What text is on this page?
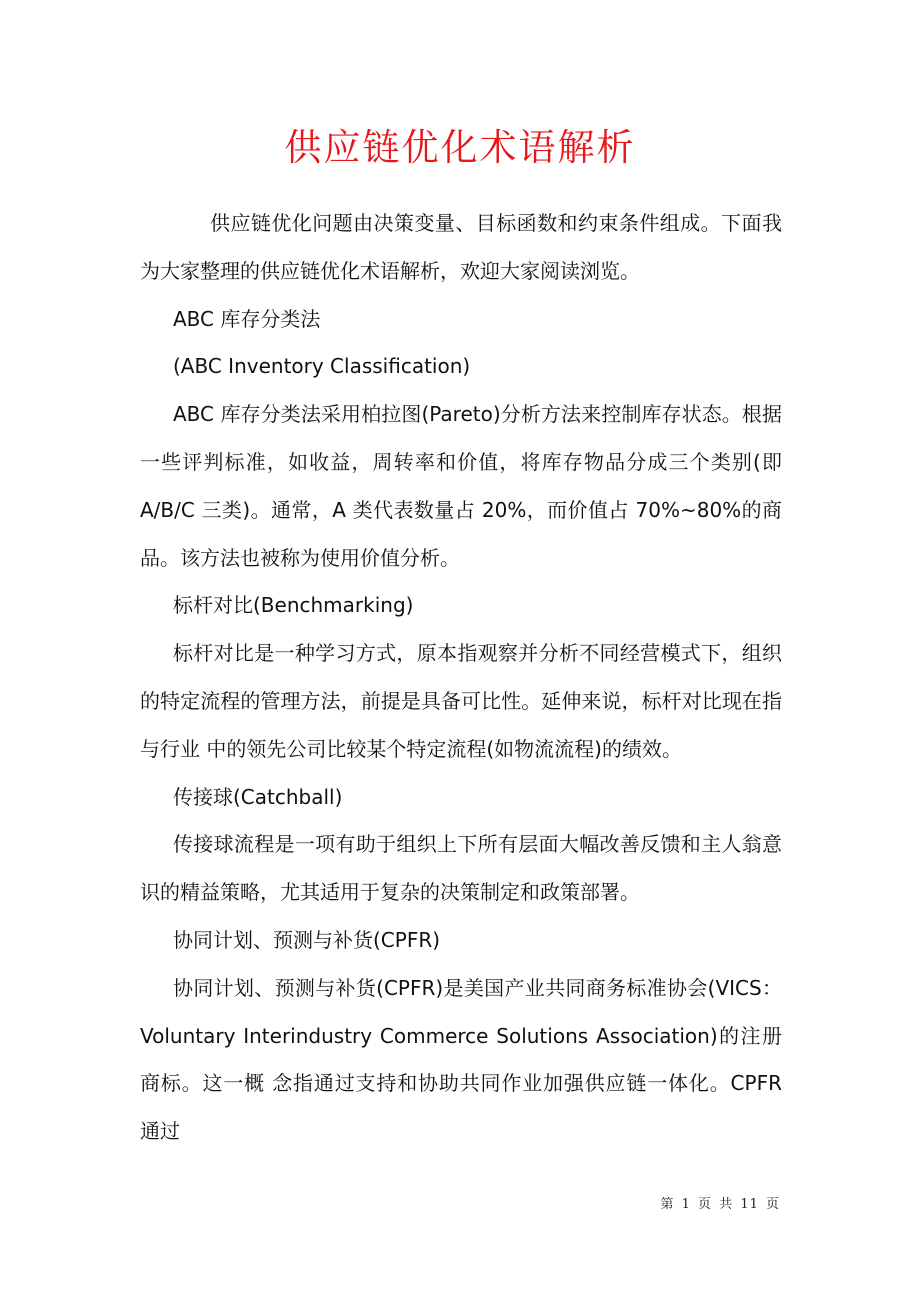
供应链优化术语解析

供应链优化问题由决策变量、目标函数和约束条件组成。下面我为大家整理的供应链优化术语解析，欢迎大家阅读浏览。

ABC 库存分类法

(ABC Inventory Classification)

ABC 库存分类法采用柏拉图(Pareto)分析方法来控制库存状态。根据一些评判标准，如收益，周转率和价值，将库存物品分成三个类别(即 A/B/C 三类)。通常，A 类代表数量占 20%，而价值占 70%~80%的商品。该方法也被称为使用价值分析。

标杆对比(Benchmarking)

标杆对比是一种学习方式，原本指观察并分析不同经营模式下，组织的特定流程的管理方法，前提是具备可比性。延伸来说，标杆对比现在指与行业 中的领先公司比较某个特定流程(如物流流程)的绩效。

传接球(Catchball)

传接球流程是一项有助于组织上下所有层面大幅改善反馈和主人翁意识的精益策略，尤其适用于复杂的决策制定和政策部署。

协同计划、预测与补货(CPFR)

协同计划、预测与补货(CPFR)是美国产业共同商务标准协会(VICS：Voluntary Interindustry Commerce Solutions Association)的注册商标。这一概 念指通过支持和协助共同作业加强供应链一体化。CPFR 通过

第 1 页 共 11 页
